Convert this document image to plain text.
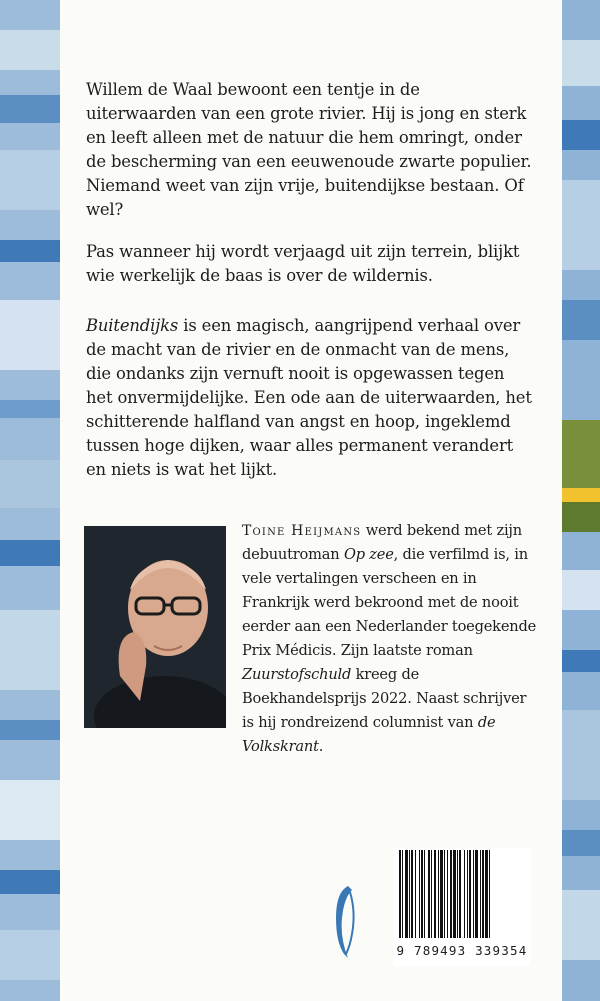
Willem de Waal bewoont een tentje in de uiterwaarden van een grote rivier. Hij is jong en sterk en leeft alleen met de natuur die hem omringt, onder de bescherming van een eeuwenoude zwarte populier. Niemand weet van zijn vrije, buitendijkse bestaan. Of wel?

Pas wanneer hij wordt verjaagd uit zijn terrein, blijkt wie werkelijk de baas is over de wildernis.

Buitendijks is een magisch, aangrijpend verhaal over de macht van de rivier en de onmacht van de mens, die ondanks zijn vernuft nooit is opgewassen tegen het onvermijdelijke. Een ode aan de uiterwaarden, het schitterende halfland van angst en hoop, ingeklemd tussen hoge dijken, waar alles permanent verandert en niets is wat het lijkt.

Toine Heijmans werd bekend met zijn debuutroman Op zee, die verfilmd is, in vele vertalingen verscheen en in Frankrijk werd bekroond met de nooit eerder aan een Nederlander toegekende Prix Médicis. Zijn laatste roman Zuurstofschuld kreeg de Boekhandelsprijs 2022. Naast schrijver is hij rondreizend columnist van de Volkskrant.

9 789493 339354
